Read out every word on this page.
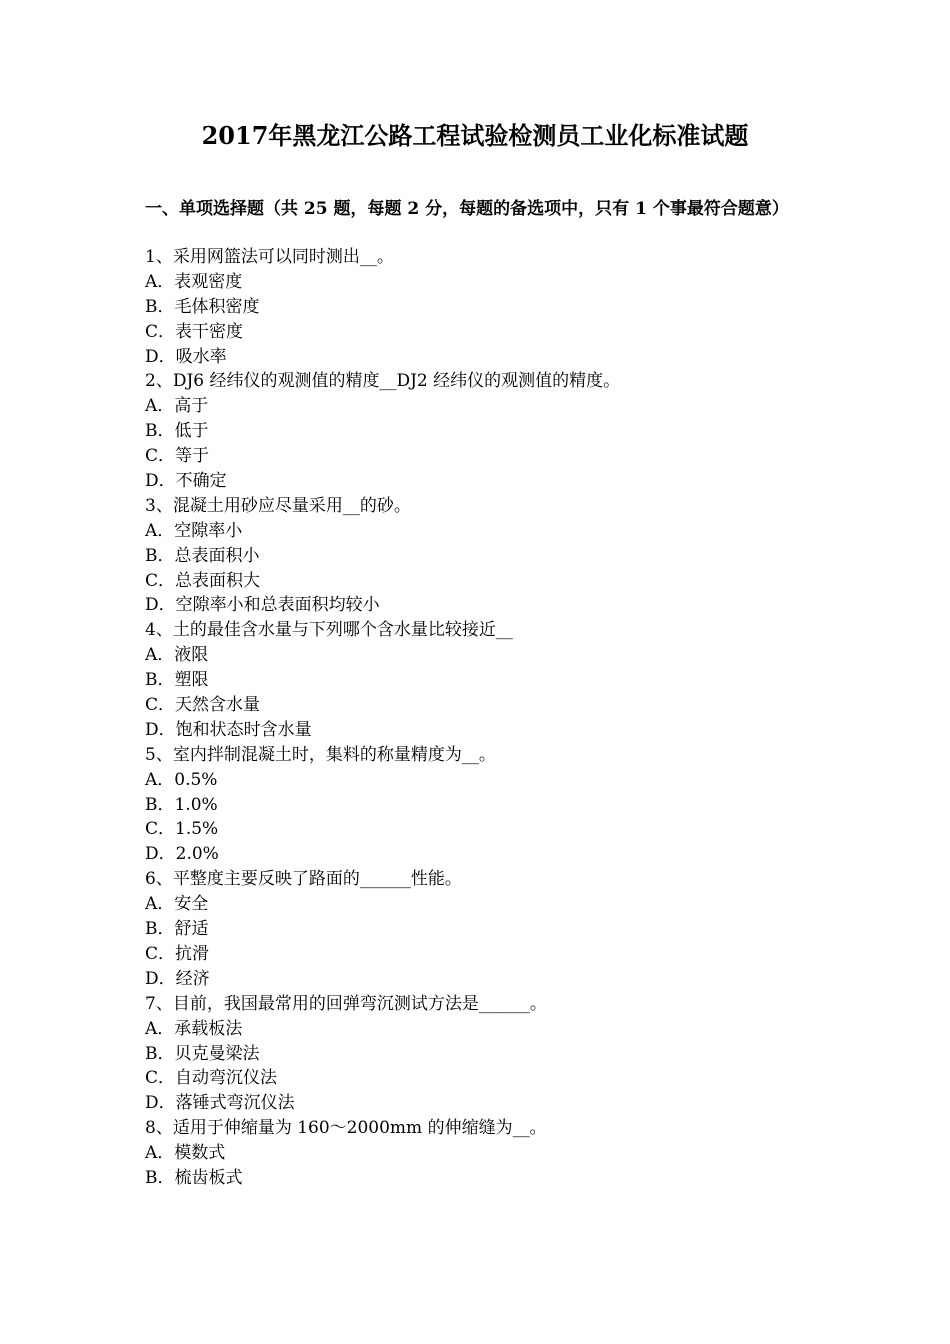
2017年黑龙江公路工程试验检测员工业化标准试题
一、单项选择题（共 25 题，每题 2 分，每题的备选项中，只有 1 个事最符合题意）
1、采用网篮法可以同时测出__。
A．表观密度
B．毛体积密度
C．表干密度
D．吸水率
2、DJ6 经纬仪的观测值的精度__DJ2 经纬仪的观测值的精度。
A．高于
B．低于
C．等于
D．不确定
3、混凝土用砂应尽量采用__的砂。
A．空隙率小
B．总表面积小
C．总表面积大
D．空隙率小和总表面积均较小
4、土的最佳含水量与下列哪个含水量比较接近__
A．液限
B．塑限
C．天然含水量
D．饱和状态时含水量
5、室内拌制混凝土时，集料的称量精度为__。
A．0.5%
B．1.0%
C．1.5%
D．2.0%
6、平整度主要反映了路面的______性能。
A．安全
B．舒适
C．抗滑
D．经济
7、目前，我国最常用的回弹弯沉测试方法是______。
A．承载板法
B．贝克曼梁法
C．自动弯沉仪法
D．落锤式弯沉仪法
8、适用于伸缩量为 160～2000mm 的伸缩缝为__。
A．模数式
B．梳齿板式
